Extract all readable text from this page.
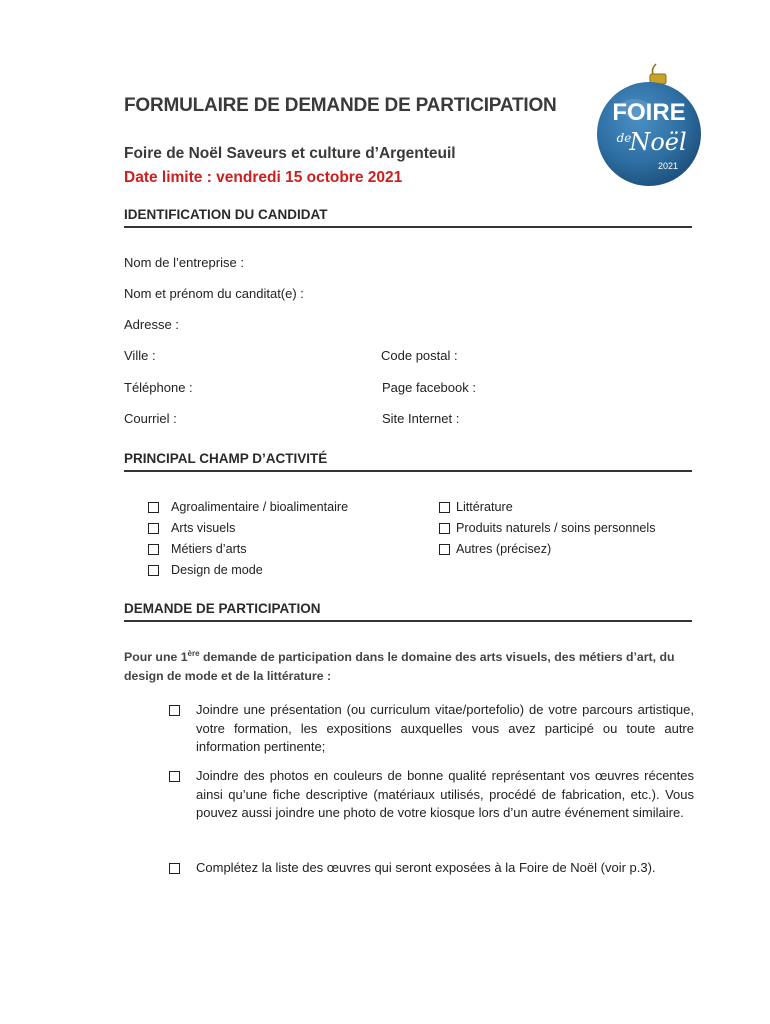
FORMULAIRE DE DEMANDE DE PARTICIPATION
Foire de Noël Saveurs et culture d’Argenteuil
Date limite : vendredi 15 octobre 2021
FOIRE
de
Noël
2021
IDENTIFICATION DU CANDIDAT
Nom de l’entreprise :
Nom et prénom du canditat(e) :
Adresse :
Ville :	Code postal :
Téléphone :	Page facebook :
Courriel :	Site Internet :
PRINCIPAL CHAMP D’ACTIVITÉ
Agroalimentaire / bioalimentaire
Arts visuels
Métiers d’arts
Design de mode
Littérature
Produits naturels / soins personnels
Autres (précisez)
DEMANDE DE PARTICIPATION
Pour une 1ère demande de participation dans le domaine des arts visuels, des métiers d’art, du design de mode et de la littérature :
Joindre une présentation (ou curriculum vitae/portefolio) de votre parcours artistique, votre formation, les expositions auxquelles vous avez participé ou toute autre information pertinente;
Joindre des photos en couleurs de bonne qualité représentant vos œuvres récentes ainsi qu’une fiche descriptive (matériaux utilisés, procédé de fabrication, etc.). Vous pouvez aussi joindre une photo de votre kiosque lors d’un autre événement similaire.
Complétez la liste des œuvres qui seront exposées à la Foire de Noël (voir p.3).
